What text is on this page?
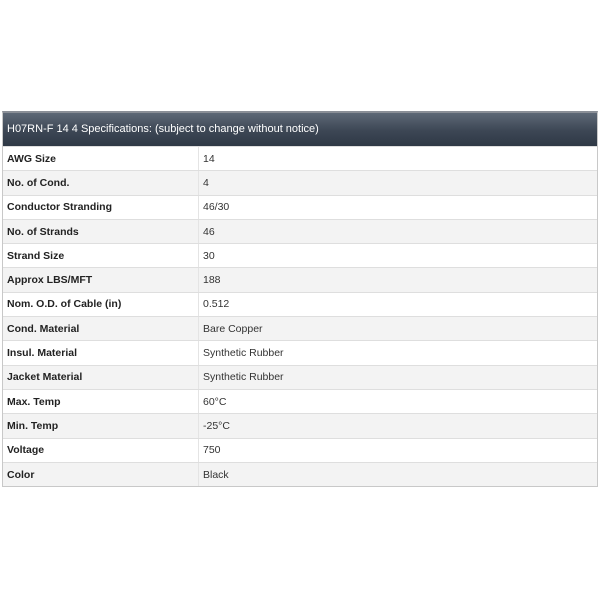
H07RN-F 14 4 Specifications: (subject to change without notice)
AWG Size	14
No. of Cond.	4
Conductor Stranding	46/30
No. of Strands	46
Strand Size	30
Approx LBS/MFT	188
Nom. O.D. of Cable (in)	0.512
Cond. Material	Bare Copper
Insul. Material	Synthetic Rubber
Jacket Material	Synthetic Rubber
Max. Temp	60°C
Min. Temp	-25°C
Voltage	750
Color	Black
